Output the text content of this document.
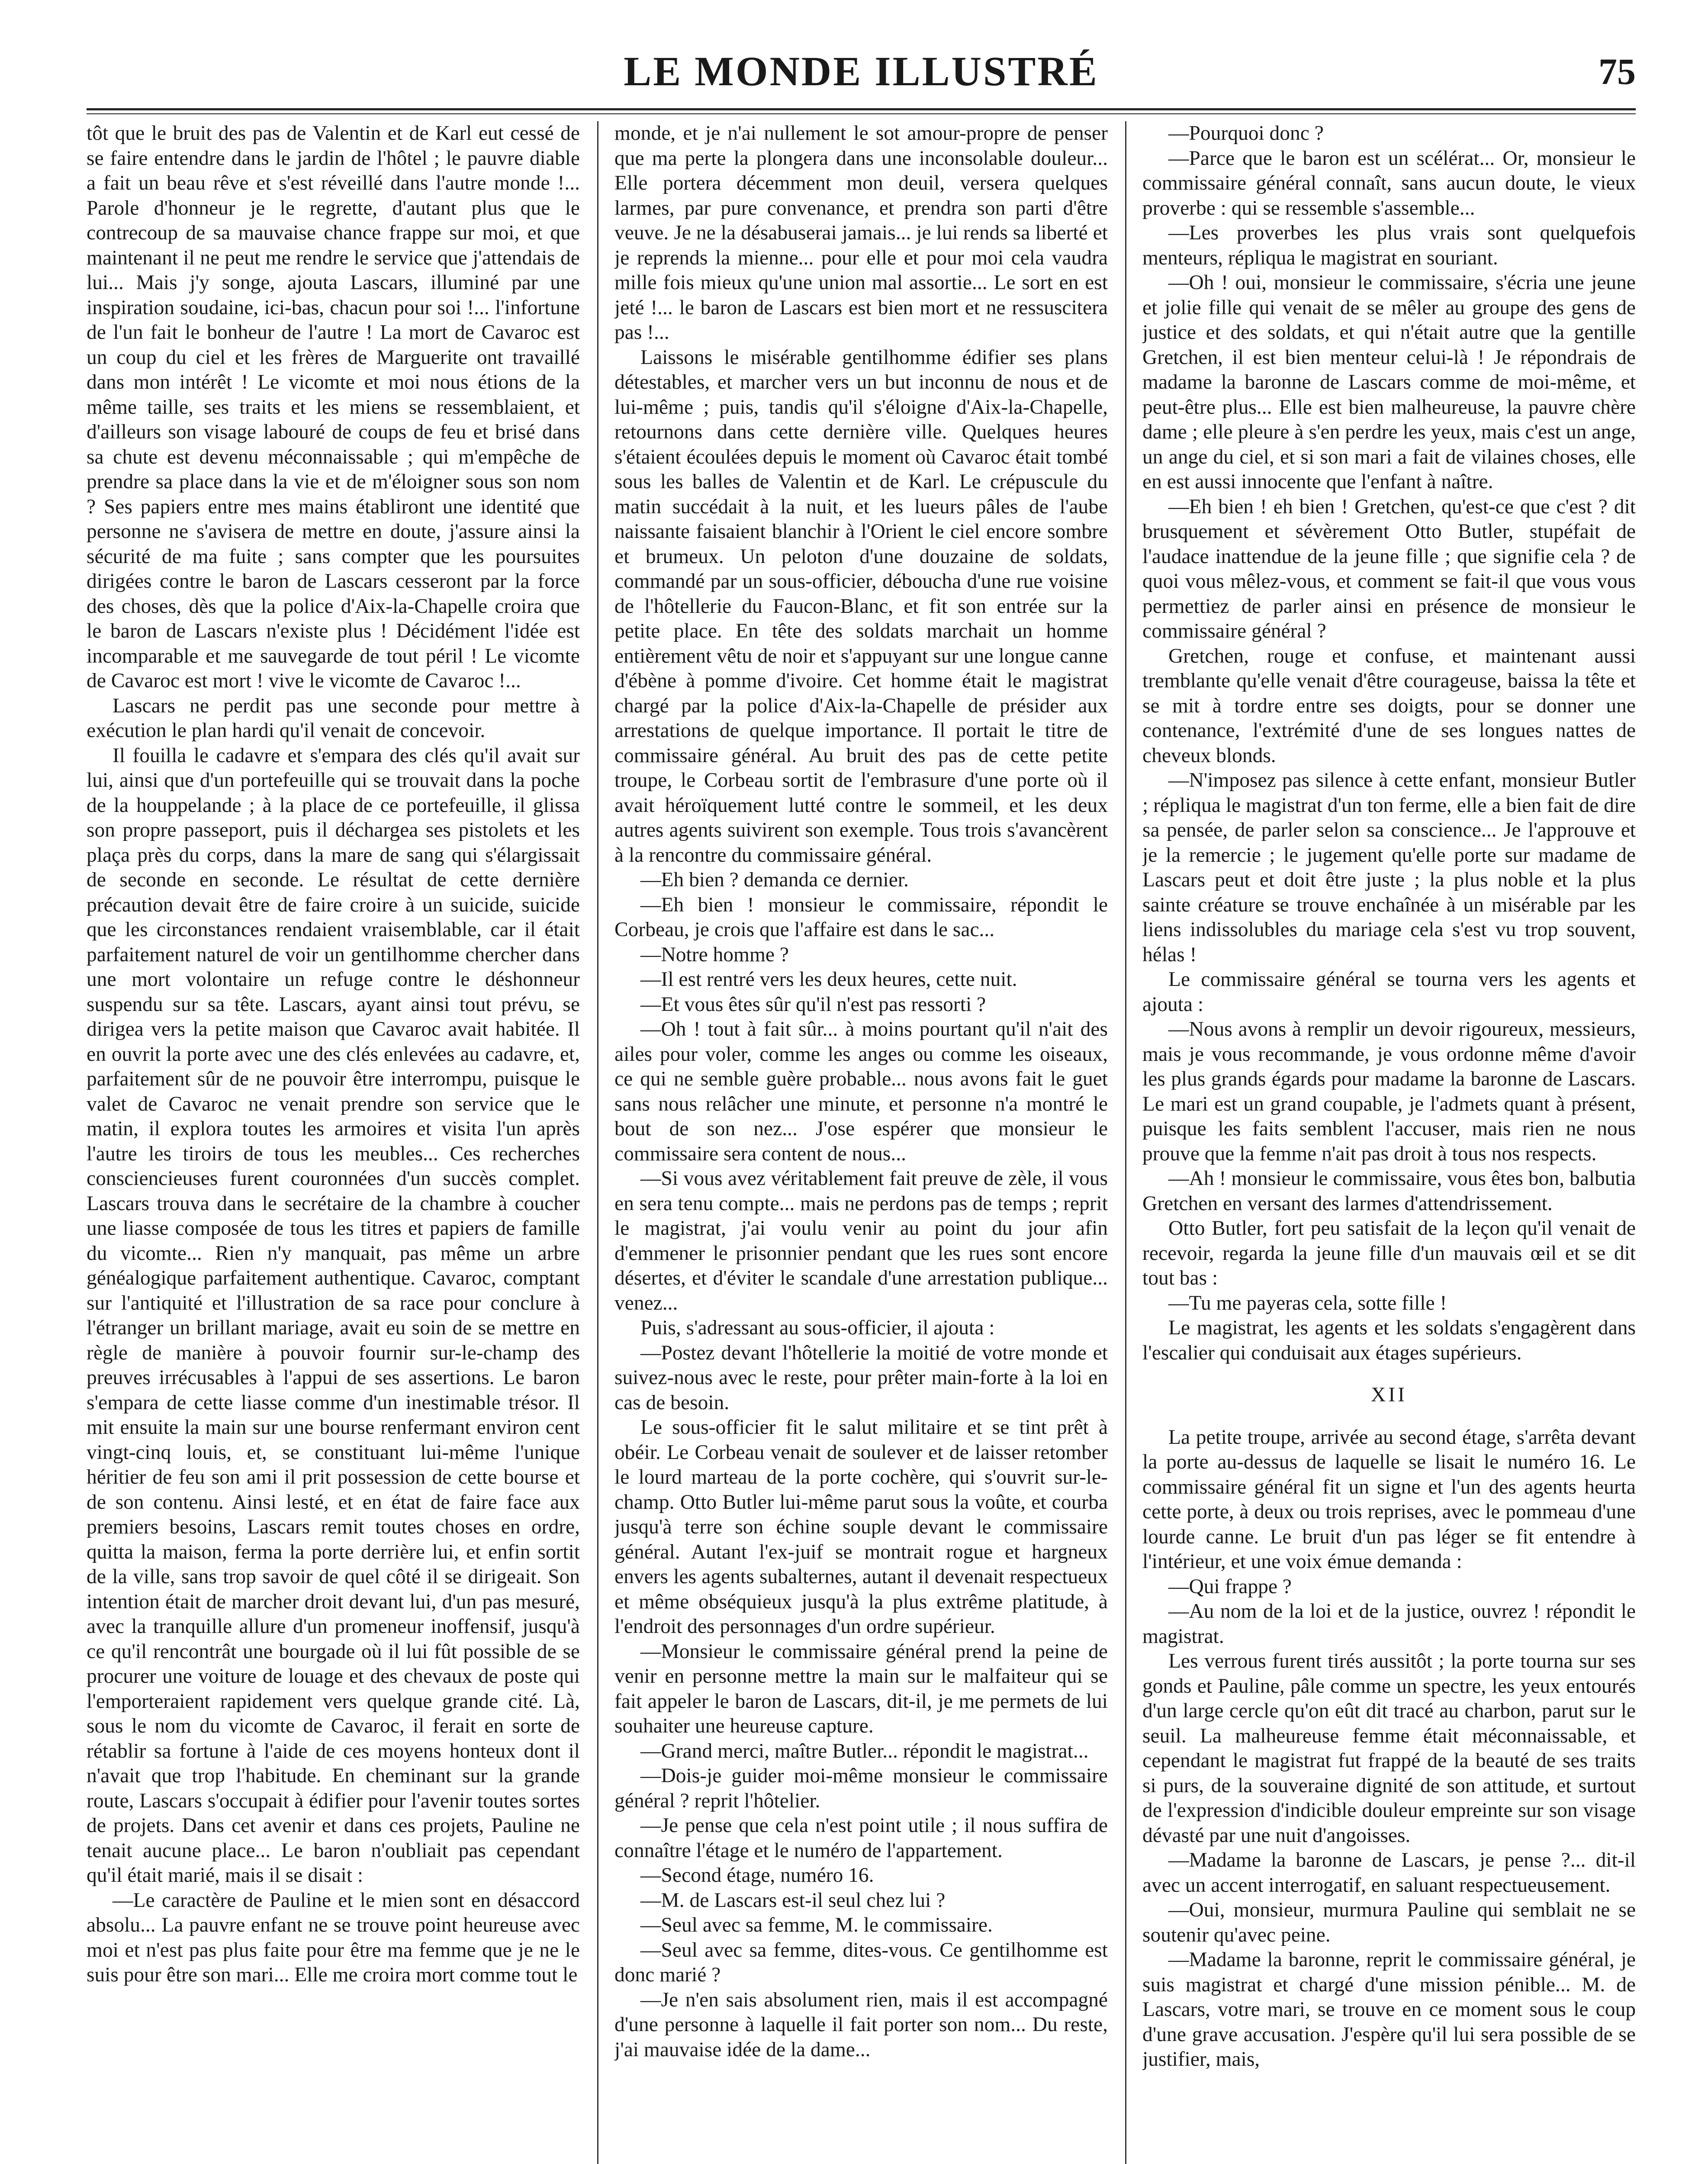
LE MONDE ILLUSTRÉ	75

tôt que le bruit des pas de Valentin et de Karl eut cessé de se faire entendre dans le jardin de l'hôtel ; le pauvre diable a fait un beau rêve et s'est réveillé dans l'autre monde !... Parole d'honneur je le regrette, d'autant plus que le contrecoup de sa mauvaise chance frappe sur moi, et que maintenant il ne peut me rendre le service que j'attendais de lui... Mais j'y songe, ajouta Lascars, illuminé par une inspiration soudaine, ici-bas, chacun pour soi !... l'infortune de l'un fait le bonheur de l'autre ! La mort de Cavaroc est un coup du ciel et les frères de Marguerite ont travaillé dans mon intérêt ! Le vicomte et moi nous étions de la même taille, ses traits et les miens se ressemblaient, et d'ailleurs son visage labouré de coups de feu et brisé dans sa chute est devenu méconnaissable ; qui m'empêche de prendre sa place dans la vie et de m'éloigner sous son nom ? Ses papiers entre mes mains établiront une identité que personne ne s'avisera de mettre en doute, j'assure ainsi la sécurité de ma fuite ; sans compter que les poursuites dirigées contre le baron de Lascars cesseront par la force des choses, dès que la police d'Aix-la-Chapelle croira que le baron de Lascars n'existe plus ! Décidément l'idée est incomparable et me sauvegarde de tout péril ! Le vicomte de Cavaroc est mort ! vive le vicomte de Cavaroc !...

Lascars ne perdit pas une seconde pour mettre à exécution le plan hardi qu'il venait de concevoir.

Il fouilla le cadavre et s'empara des clés qu'il avait sur lui, ainsi que d'un portefeuille qui se trouvait dans la poche de la houppelande ; à la place de ce portefeuille, il glissa son propre passeport, puis il déchargea ses pistolets et les plaça près du corps, dans la mare de sang qui s'élargissait de seconde en seconde. Le résultat de cette dernière précaution devait être de faire croire à un suicide, suicide que les circonstances rendaient vraisemblable, car il était parfaitement naturel de voir un gentilhomme chercher dans une mort volontaire un refuge contre le déshonneur suspendu sur sa tête. Lascars, ayant ainsi tout prévu, se dirigea vers la petite maison que Cavaroc avait habitée. Il en ouvrit la porte avec une des clés enlevées au cadavre, et, parfaitement sûr de ne pouvoir être interrompu, puisque le valet de Cavaroc ne venait prendre son service que le matin, il explora toutes les armoires et visita l'un après l'autre les tiroirs de tous les meubles... Ces recherches consciencieuses furent couronnées d'un succès complet. Lascars trouva dans le secrétaire de la chambre à coucher une liasse composée de tous les titres et papiers de famille du vicomte... Rien n'y manquait, pas même un arbre généalogique parfaitement authentique. Cavaroc, comptant sur l'antiquité et l'illustration de sa race pour conclure à l'étranger un brillant mariage, avait eu soin de se mettre en règle de manière à pouvoir fournir sur-le-champ des preuves irrécusables à l'appui de ses assertions. Le baron s'empara de cette liasse comme d'un inestimable trésor. Il mit ensuite la main sur une bourse renfermant environ cent vingt-cinq louis, et, se constituant lui-même l'unique héritier de feu son ami il prit possession de cette bourse et de son contenu. Ainsi lesté, et en état de faire face aux premiers besoins, Lascars remit toutes choses en ordre, quitta la maison, ferma la porte derrière lui, et enfin sortit de la ville, sans trop savoir de quel côté il se dirigeait. Son intention était de marcher droit devant lui, d'un pas mesuré, avec la tranquille allure d'un promeneur inoffensif, jusqu'à ce qu'il rencontrât une bourgade où il lui fût possible de se procurer une voiture de louage et des chevaux de poste qui l'emporteraient rapidement vers quelque grande cité. Là, sous le nom du vicomte de Cavaroc, il ferait en sorte de rétablir sa fortune à l'aide de ces moyens honteux dont il n'avait que trop l'habitude. En cheminant sur la grande route, Lascars s'occupait à édifier pour l'avenir toutes sortes de projets. Dans cet avenir et dans ces projets, Pauline ne tenait aucune place... Le baron n'oubliait pas cependant qu'il était marié, mais il se disait :

—Le caractère de Pauline et le mien sont en désaccord absolu... La pauvre enfant ne se trouve point heureuse avec moi et n'est pas plus faite pour être ma femme que je ne le suis pour être son mari... Elle me croira mort comme tout le

monde, et je n'ai nullement le sot amour-propre de penser que ma perte la plongera dans une inconsolable douleur... Elle portera décemment mon deuil, versera quelques larmes, par pure convenance, et prendra son parti d'être veuve. Je ne la désabuserai jamais... je lui rends sa liberté et je reprends la mienne... pour elle et pour moi cela vaudra mille fois mieux qu'une union mal assortie... Le sort en est jeté !... le baron de Lascars est bien mort et ne ressuscitera pas !...

Laissons le misérable gentilhomme édifier ses plans détestables, et marcher vers un but inconnu de nous et de lui-même ; puis, tandis qu'il s'éloigne d'Aix-la-Chapelle, retournons dans cette dernière ville. Quelques heures s'étaient écoulées depuis le moment où Cavaroc était tombé sous les balles de Valentin et de Karl. Le crépuscule du matin succédait à la nuit, et les lueurs pâles de l'aube naissante faisaient blanchir à l'Orient le ciel encore sombre et brumeux. Un peloton d'une douzaine de soldats, commandé par un sous-officier, déboucha d'une rue voisine de l'hôtellerie du Faucon-Blanc, et fit son entrée sur la petite place. En tête des soldats marchait un homme entièrement vêtu de noir et s'appuyant sur une longue canne d'ébène à pomme d'ivoire. Cet homme était le magistrat chargé par la police d'Aix-la-Chapelle de présider aux arrestations de quelque importance. Il portait le titre de commissaire général. Au bruit des pas de cette petite troupe, le Corbeau sortit de l'embrasure d'une porte où il avait héroïquement lutté contre le sommeil, et les deux autres agents suivirent son exemple. Tous trois s'avancèrent à la rencontre du commissaire général.

—Eh bien ? demanda ce dernier.

—Eh bien ! monsieur le commissaire, répondit le Corbeau, je crois que l'affaire est dans le sac...

—Notre homme ?

—Il est rentré vers les deux heures, cette nuit.

—Et vous êtes sûr qu'il n'est pas ressorti ?

—Oh ! tout à fait sûr... à moins pourtant qu'il n'ait des ailes pour voler, comme les anges ou comme les oiseaux, ce qui ne semble guère probable... nous avons fait le guet sans nous relâcher une minute, et personne n'a montré le bout de son nez... J'ose espérer que monsieur le commissaire sera content de nous...

—Si vous avez véritablement fait preuve de zèle, il vous en sera tenu compte... mais ne perdons pas de temps ; reprit le magistrat, j'ai voulu venir au point du jour afin d'emmener le prisonnier pendant que les rues sont encore désertes, et d'éviter le scandale d'une arrestation publique... venez...

Puis, s'adressant au sous-officier, il ajouta :

—Postez devant l'hôtellerie la moitié de votre monde et suivez-nous avec le reste, pour prêter main-forte à la loi en cas de besoin.

Le sous-officier fit le salut militaire et se tint prêt à obéir. Le Corbeau venait de soulever et de laisser retomber le lourd marteau de la porte cochère, qui s'ouvrit sur-le-champ. Otto Butler lui-même parut sous la voûte, et courba jusqu'à terre son échine souple devant le commissaire général. Autant l'ex-juif se montrait rogue et hargneux envers les agents subalternes, autant il devenait respectueux et même obséquieux jusqu'à la plus extrême platitude, à l'endroit des personnages d'un ordre supérieur.

—Monsieur le commissaire général prend la peine de venir en personne mettre la main sur le malfaiteur qui se fait appeler le baron de Lascars, dit-il, je me permets de lui souhaiter une heureuse capture.

—Grand merci, maître Butler... répondit le magistrat...

—Dois-je guider moi-même monsieur le commissaire général ? reprit l'hôtelier.

—Je pense que cela n'est point utile ; il nous suffira de connaître l'étage et le numéro de l'appartement.

—Second étage, numéro 16.

—M. de Lascars est-il seul chez lui ?

—Seul avec sa femme, M. le commissaire.

—Seul avec sa femme, dites-vous. Ce gentilhomme est donc marié ?

—Je n'en sais absolument rien, mais il est accompagné d'une personne à laquelle il fait porter son nom... Du reste, j'ai mauvaise idée de la dame...

—Pourquoi donc ?

—Parce que le baron est un scélérat... Or, monsieur le commissaire général connaît, sans aucun doute, le vieux proverbe : qui se ressemble s'assemble...

—Les proverbes les plus vrais sont quelquefois menteurs, répliqua le magistrat en souriant.

—Oh ! oui, monsieur le commissaire, s'écria une jeune et jolie fille qui venait de se mêler au groupe des gens de justice et des soldats, et qui n'était autre que la gentille Gretchen, il est bien menteur celui-là ! Je répondrais de madame la baronne de Lascars comme de moi-même, et peut-être plus... Elle est bien malheureuse, la pauvre chère dame ; elle pleure à s'en perdre les yeux, mais c'est un ange, un ange du ciel, et si son mari a fait de vilaines choses, elle en est aussi innocente que l'enfant à naître.

—Eh bien ! eh bien ! Gretchen, qu'est-ce que c'est ? dit brusquement et sévèrement Otto Butler, stupéfait de l'audace inattendue de la jeune fille ; que signifie cela ? de quoi vous mêlez-vous, et comment se fait-il que vous vous permettiez de parler ainsi en présence de monsieur le commissaire général ?

Gretchen, rouge et confuse, et maintenant aussi tremblante qu'elle venait d'être courageuse, baissa la tête et se mit à tordre entre ses doigts, pour se donner une contenance, l'extrémité d'une de ses longues nattes de cheveux blonds.

—N'imposez pas silence à cette enfant, monsieur Butler ; répliqua le magistrat d'un ton ferme, elle a bien fait de dire sa pensée, de parler selon sa conscience... Je l'approuve et je la remercie ; le jugement qu'elle porte sur madame de Lascars peut et doit être juste ; la plus noble et la plus sainte créature se trouve enchaînée à un misérable par les liens indissolubles du mariage cela s'est vu trop souvent, hélas !

Le commissaire général se tourna vers les agents et ajouta :

—Nous avons à remplir un devoir rigoureux, messieurs, mais je vous recommande, je vous ordonne même d'avoir les plus grands égards pour madame la baronne de Lascars. Le mari est un grand coupable, je l'admets quant à présent, puisque les faits semblent l'accuser, mais rien ne nous prouve que la femme n'ait pas droit à tous nos respects.

—Ah ! monsieur le commissaire, vous êtes bon, balbutia Gretchen en versant des larmes d'attendrissement.

Otto Butler, fort peu satisfait de la leçon qu'il venait de recevoir, regarda la jeune fille d'un mauvais œil et se dit tout bas :

—Tu me payeras cela, sotte fille !

Le magistrat, les agents et les soldats s'engagèrent dans l'escalier qui conduisait aux étages supérieurs.

XII

La petite troupe, arrivée au second étage, s'arrêta devant la porte au-dessus de laquelle se lisait le numéro 16. Le commissaire général fit un signe et l'un des agents heurta cette porte, à deux ou trois reprises, avec le pommeau d'une lourde canne. Le bruit d'un pas léger se fit entendre à l'intérieur, et une voix émue demanda :

—Qui frappe ?

—Au nom de la loi et de la justice, ouvrez ! répondit le magistrat.

Les verrous furent tirés aussitôt ; la porte tourna sur ses gonds et Pauline, pâle comme un spectre, les yeux entourés d'un large cercle qu'on eût dit tracé au charbon, parut sur le seuil. La malheureuse femme était méconnaissable, et cependant le magistrat fut frappé de la beauté de ses traits si purs, de la souveraine dignité de son attitude, et surtout de l'expression d'indicible douleur empreinte sur son visage dévasté par une nuit d'angoisses.

—Madame la baronne de Lascars, je pense ?... dit-il avec un accent interrogatif, en saluant respectueusement.

—Oui, monsieur, murmura Pauline qui semblait ne se soutenir qu'avec peine.

—Madame la baronne, reprit le commissaire général, je suis magistrat et chargé d'une mission pénible... M. de Lascars, votre mari, se trouve en ce moment sous le coup d'une grave accusation. J'espère qu'il lui sera possible de se justifier, mais,
